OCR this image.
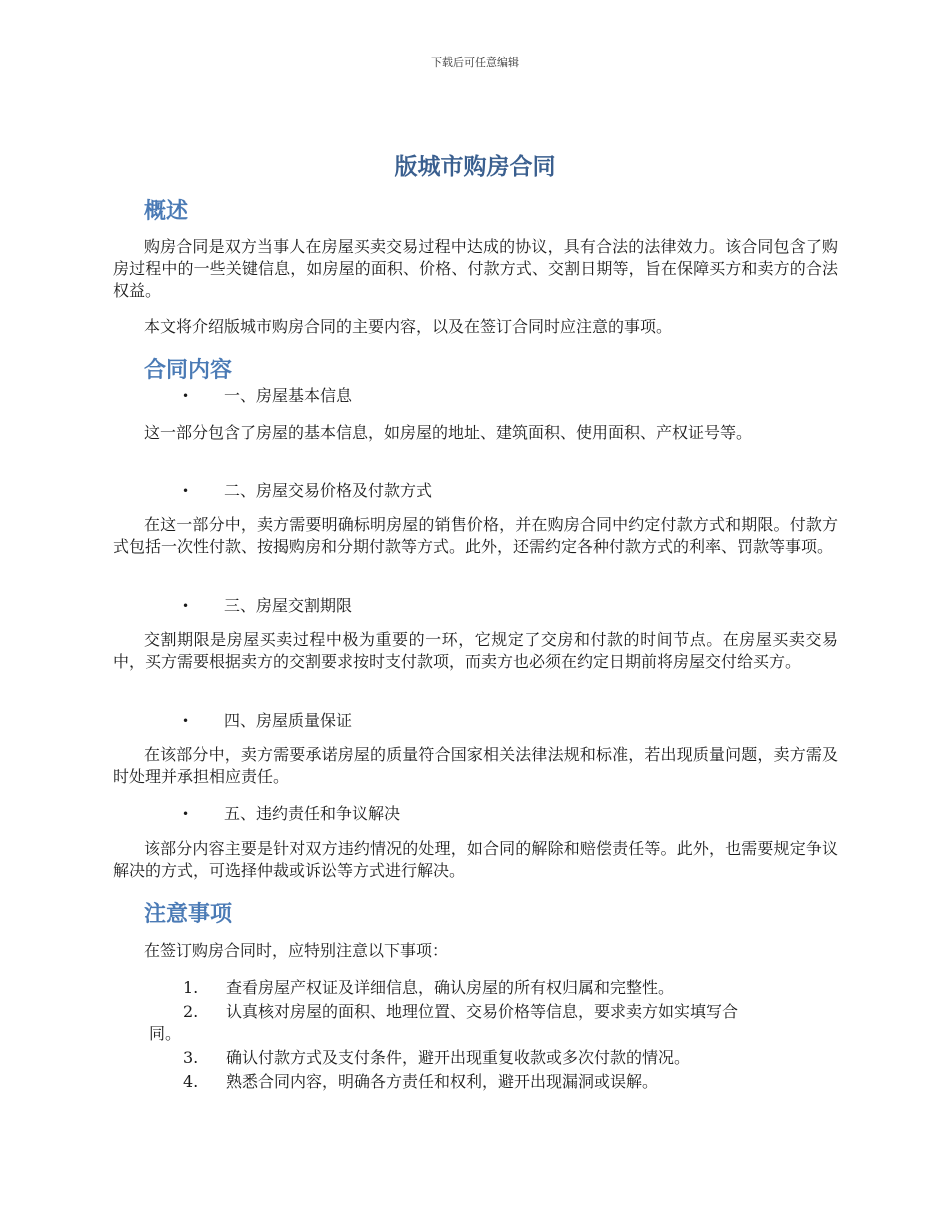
下载后可任意编辑
版城市购房合同
概述

购房合同是双方当事人在房屋买卖交易过程中达成的协议，具有合法的法律效力。该合同包含了购房过程中的一些关键信息，如房屋的面积、价格、付款方式、交割日期等，旨在保障买方和卖方的合法权益。

本文将介绍版城市购房合同的主要内容，以及在签订合同时应注意的事项。

合同内容
• 一、房屋基本信息

这一部分包含了房屋的基本信息，如房屋的地址、建筑面积、使用面积、产权证号等。

• 二、房屋交易价格及付款方式

在这一部分中，卖方需要明确标明房屋的销售价格，并在购房合同中约定付款方式和期限。付款方式包括一次性付款、按揭购房和分期付款等方式。此外，还需约定各种付款方式的利率、罚款等事项。

• 三、房屋交割期限

交割期限是房屋买卖过程中极为重要的一环，它规定了交房和付款的时间节点。在房屋买卖交易中，买方需要根据卖方的交割要求按时支付款项，而卖方也必须在约定日期前将房屋交付给买方。

• 四、房屋质量保证

在该部分中，卖方需要承诺房屋的质量符合国家相关法律法规和标准，若出现质量问题，卖方需及时处理并承担相应责任。

• 五、违约责任和争议解决

该部分内容主要是针对双方违约情况的处理，如合同的解除和赔偿责任等。此外，也需要规定争议解决的方式，可选择仲裁或诉讼等方式进行解决。

注意事项

在签订购房合同时，应特别注意以下事项：

1.	查看房屋产权证及详细信息，确认房屋的所有权归属和完整性。
2.	认真核对房屋的面积、地理位置、交易价格等信息，要求卖方如实填写合
同。
3.	确认付款方式及支付条件，避开出现重复收款或多次付款的情况。
4.	熟悉合同内容，明确各方责任和权利，避开出现漏洞或误解。
